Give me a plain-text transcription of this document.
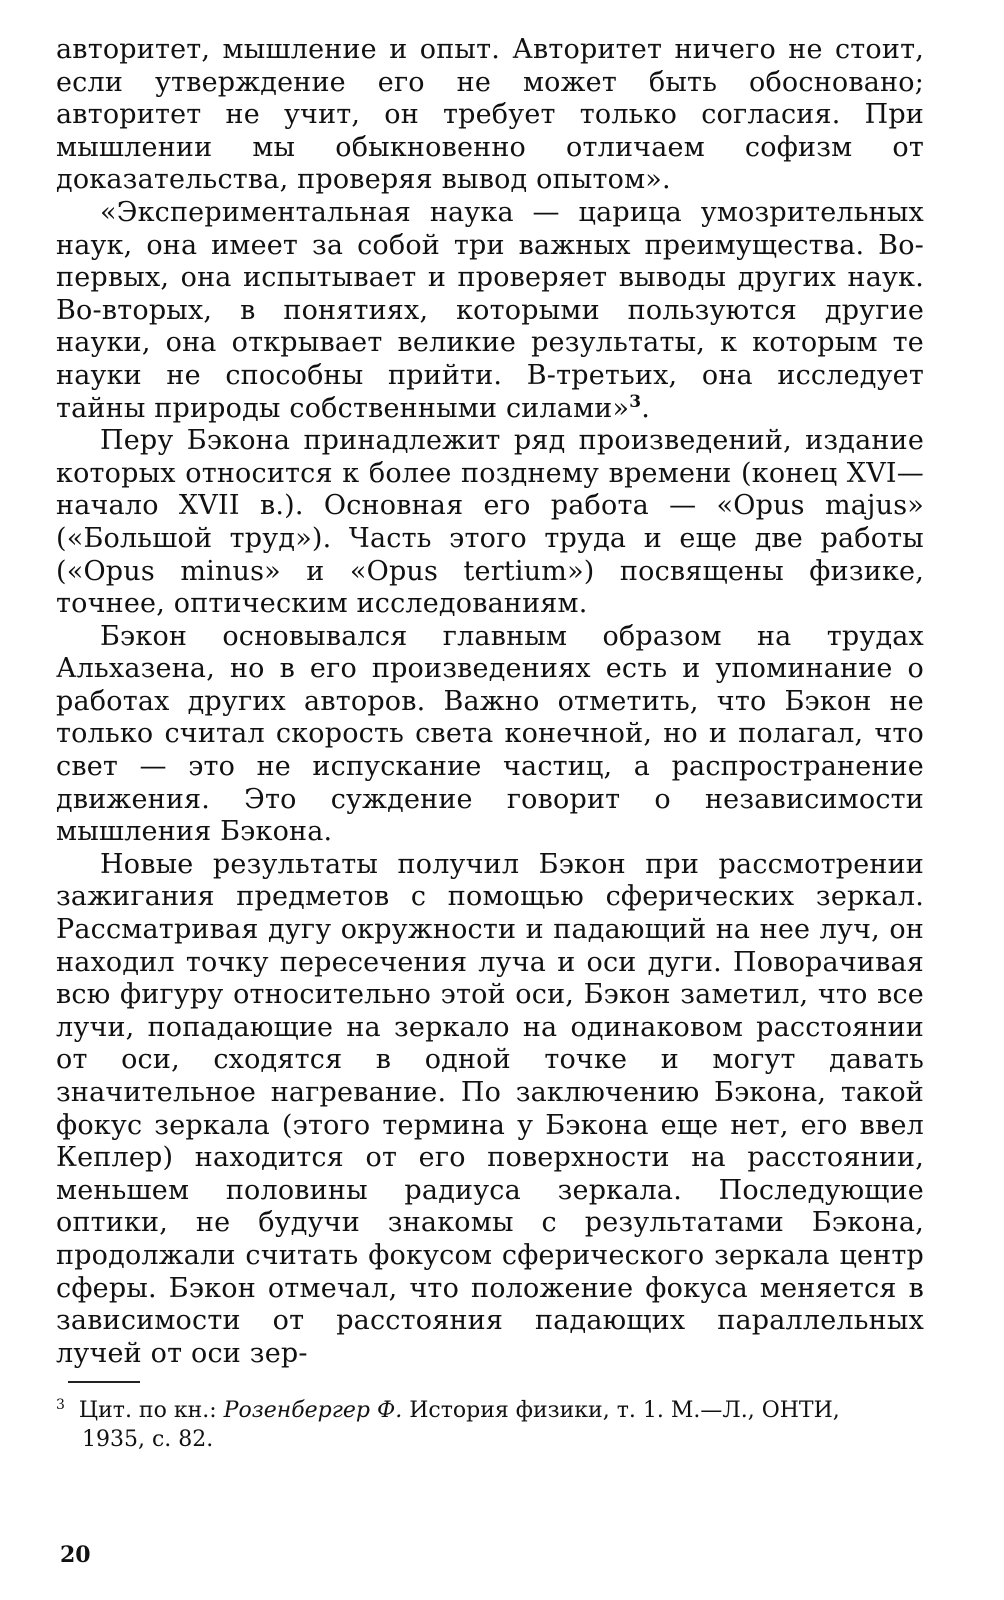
авторитет, мышление и опыт. Авторитет ничего не стоит, если утверждение его не может быть обосновано; авторитет не учит, он требует только согласия. При мышлении мы обыкновенно отличаем софизм от доказательства, проверяя вывод опытом».

«Экспериментальная наука — царица умозрительных наук, она имеет за собой три важных преимущества. Во-первых, она испытывает и проверяет выводы других наук. Во-вторых, в понятиях, которыми пользуются другие науки, она открывает великие результаты, к которым те науки не способны прийти. В-третьих, она исследует тайны природы собственными силами»$^3$.

Перу Бэкона принадлежит ряд произведений, издание которых относится к более позднему времени (конец XVI— начало XVII в.). Основная его работа — «Opus majus» («Большой труд»). Часть этого труда и еще две работы («Opus minus» и «Opus tertium») посвящены физике, точнее, оптическим исследованиям.

Бэкон основывался главным образом на трудах Альхазена, но в его произведениях есть и упоминание о работах других авторов. Важно отметить, что Бэкон не только считал скорость света конечной, но и полагал, что свет — это не испускание частиц, а распространение движения. Это суждение говорит о независимости мышления Бэкона.

Новые результаты получил Бэкон при рассмотрении зажигания предметов с помощью сферических зеркал. Рассматривая дугу окружности и падающий на нее луч, он находил точку пересечения луча и оси дуги. Поворачивая всю фигуру относительно этой оси, Бэкон заметил, что все лучи, попадающие на зеркало на одинаковом расстоянии от оси, сходятся в одной точке и могут давать значительное нагревание. По заключению Бэкона, такой фокус зеркала (этого термина у Бэкона еще нет, его ввел Кеплер) находится от его поверхности на расстоянии, меньшем половины радиуса зеркала. Последующие оптики, не будучи знакомы с результатами Бэкона, продолжали считать фокусом сферического зеркала центр сферы. Бэкон отмечал, что положение фокуса меняется в зависимости от расстояния падающих параллельных лучей от оси зер-

$^3$ Цит. по кн.: Розенбергер Ф. История физики, т. 1. М.—Л., ОНТИ,
1935, с. 82.
20
